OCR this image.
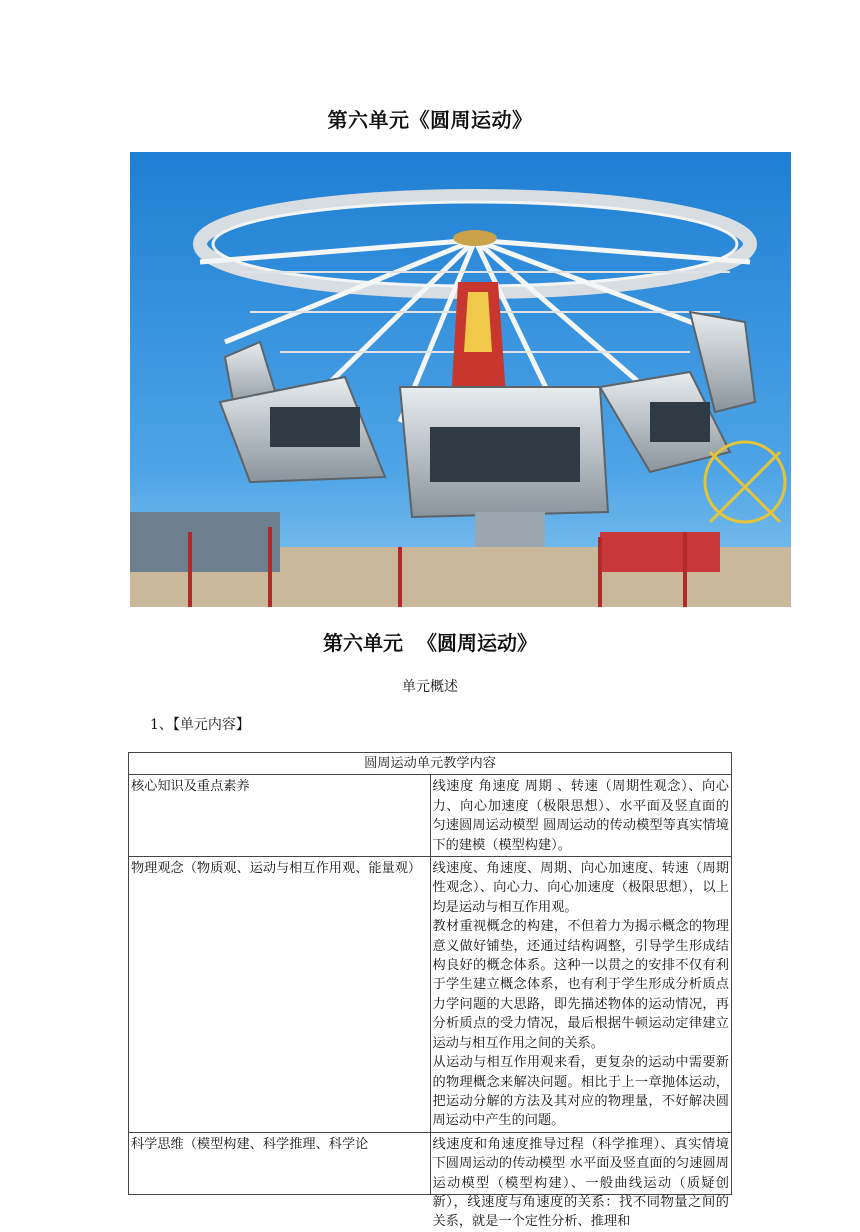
第六单元《圆周运动》
第六单元  《圆周运动》
单元概述
1、【单元内容】
圆周运动单元教学内容	
核心知识及重点素养	线速度 角速度 周期 、转速（周期性观念）、向心力、向心加速度（极限思想）、水平面及竖直面的匀速圆周运动模型 圆周运动的传动模型等真实情境下的建模（模型构建）。

物理观念（物质观、运动与相互作用观、能量观）	线速度、角速度、周期、向心加速度、转速（周期性观念）、向心力、向心加速度（极限思想），以上均是运动与相互作用观。
教材重视概念的构建，不但着力为揭示概念的物理意义做好铺垫，还通过结构调整，引导学生形成结构良好的概念体系。这种一以贯之的安排不仅有利于学生建立概念体系，也有利于学生形成分析质点力学问题的大思路，即先描述物体的运动情况，再分析质点的受力情况，最后根据牛顿运动定律建立运动与相互作用之间的关系。
从运动与相互作用观来看，更复杂的运动中需要新的物理概念来解决问题。相比于上一章抛体运动，把运动分解的方法及其对应的物理量，不好解决圆周运动中产生的问题。

科学思维（模型构建、科学推理、科学论	线速度和角速度推导过程（科学推理）、真实情境下圆周运动的传动模型 水平面及竖直面的匀速圆周运动模型（模型构建）、一般曲线运动（质疑创新），线速度与角速度的关系：找不同物量之间的关系，就是一个定性分析、推理和
